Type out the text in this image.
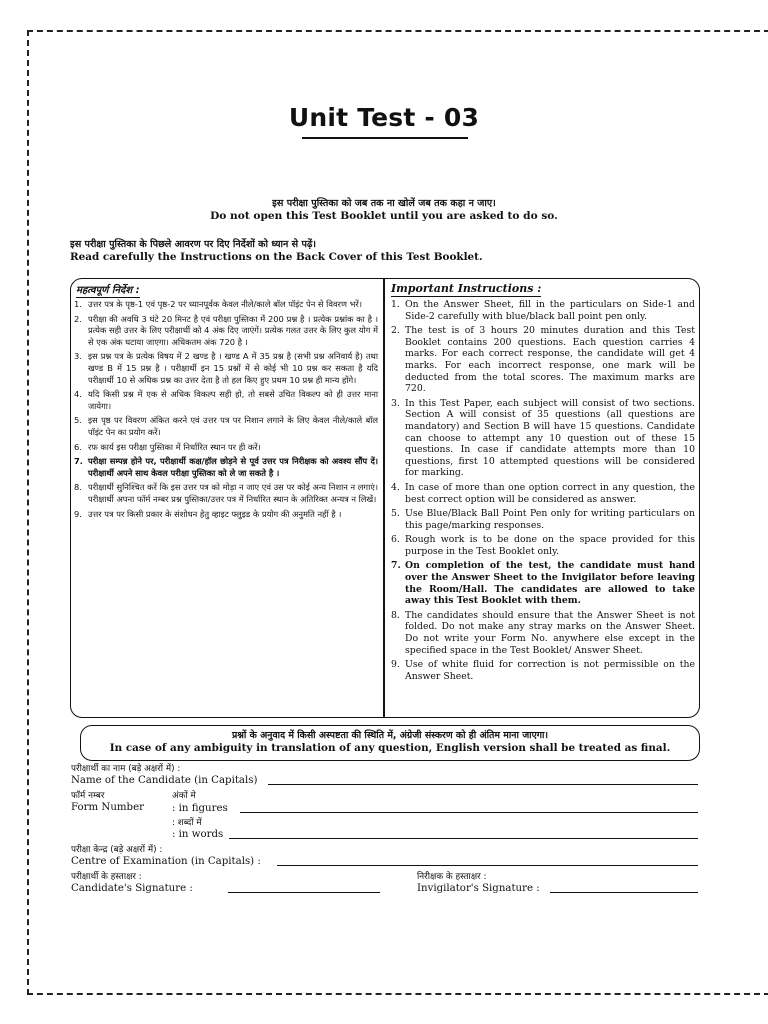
Unit Test - 03
इस परीक्षा पुस्तिका को जब तक ना खोलें जब तक कहा न जाए।
Do not open this Test Booklet until you are asked to do so.
इस परीक्षा पुस्तिका के पिछले आवरण पर दिए निर्देशों को ध्यान से पढ़ें।
Read carefully the Instructions on the Back Cover of this Test Booklet.
महत्वपूर्ण निर्देश :	Important Instructions :
1. उत्तर पत्र के पृष्ठ-1 एवं पृष्ठ-2 पर ध्यानपूर्वक केवल नीले/काले बॉल पॉइंट पेन से विवरण भरें।
2. परीक्षा की अवधि 3 घंटे 20 मिनट है एवं परीक्षा पुस्तिका में 200 प्रश्न है । प्रत्येक प्रश्नांक का है । प्रत्येक सही उत्तर के लिए परीक्षार्थी को 4 अंक दिए जाएंगें। प्रत्येक गलत उत्तर के लिए कुल योग में से एक अंक घटाया जाएगा। अधिकतम अंक 720 है ।
3. इस प्रश्न पत्र के प्रत्येक विषय में 2 खण्ड है । खण्ड A में 35 प्रश्न है (सभी प्रश्न अनिवार्य है) तथा खण्ड B में 15 प्रश्न है । परीक्षार्थी इन 15 प्रश्नों में से कोई भी 10 प्रश्न कर सकता है यदि परीक्षार्थी 10 से अधिक प्रश्न का उत्तर देता है तो हल किए हुए प्रथम 10 प्रश्न ही मान्य होंगे।
4. यदि किसी प्रश्न में एक से अधिक विकल्प सही हो, तो सबसे उचित विकल्प को ही उत्तर माना जायेगा।
5. इस पृष्ठ पर विवरण अंकित करने एवं उत्तर पत्र पर निशान लगाने के लिए केवल नीले/काले बॉल पॉइंट पेन का प्रयोग करें।
6. रफ कार्य इस परीक्षा पुस्तिका में निर्धारित स्थान पर ही करें।
7. परीक्षा सम्पन्न होने पर, परीक्षार्थी कक्ष/हॉल छोड़ने से पूर्व उत्तर पत्र निरीक्षक को अवश्य सौंप दें। परीक्षार्थी अपने साथ केवल परीक्षा पुस्तिका को ले जा सकते है ।
8. परीक्षार्थी सुनिश्चित करें कि इस उत्तर पत्र को मोड़ा न जाए एवं उस पर कोई अन्य निशान न लगाएं। परीक्षार्थी अपना फॉर्म नम्बर प्रश्न पुस्तिका/उत्तर पत्र में निर्धारित स्थान के अतिरिक्त अन्यत्र न लिखें।
9. उत्तर पत्र पर किसी प्रकार के संशोधन हेतु व्हाइट फ्लुइड के प्रयोग की अनुमति नहीं है ।
1. On the Answer Sheet, fill in the particulars on Side-1 and Side-2 carefully with blue/black ball point pen only.
2. The test is of 3 hours 20 minutes duration and this Test Booklet contains 200 questions. Each question carries 4 marks. For each correct response, the candidate will get 4 marks. For each incorrect response, one mark will be deducted from the total scores. The maximum marks are 720.
3. In this Test Paper, each subject will consist of two sections. Section A will consist of 35 questions (all questions are mandatory) and Section B will have 15 questions. Candidate can choose to attempt any 10 question out of these 15 questions. In case if candidate attempts more than 10 questions, first 10 attempted questions will be considered for marking.
4. In case of more than one option correct in any question, the best correct option will be considered as answer.
5. Use Blue/Black Ball Point Pen only for writing particulars on this page/marking responses.
6. Rough work is to be done on the space provided for this purpose in the Test Booklet only.
7. On completion of the test, the candidate must hand over the Answer Sheet to the Invigilator before leaving the Room/Hall. The candidates are allowed to take away this Test Booklet with them.
8. The candidates should ensure that the Answer Sheet is not folded. Do not make any stray marks on the Answer Sheet. Do not write your Form No. anywhere else except in the specified space in the Test Booklet/ Answer Sheet.
9. Use of white fluid for correction is not permissible on the Answer Sheet.
प्रश्नों के अनुवाद में किसी अस्पष्टता की स्थिति में, अंग्रेजी संस्करण को ही अंतिम माना जाएगा।
In case of any ambiguity in translation of any question, English version shall be treated as final.
परीक्षार्थी का नाम (बड़े अक्षरों में) :
Name of the Candidate (in Capitals)
फॉर्म नम्बर	अंकों मे
Form Number	: in figures
: शब्दों में
: in words
परीक्षा केन्द्र (बड़े अक्षरों में) :
Centre of Examination (in Capitals) :
परीक्षार्थी के हस्ताक्षर :
Candidate's Signature :
निरीक्षक के हस्ताक्षर :
Invigilator's Signature :
